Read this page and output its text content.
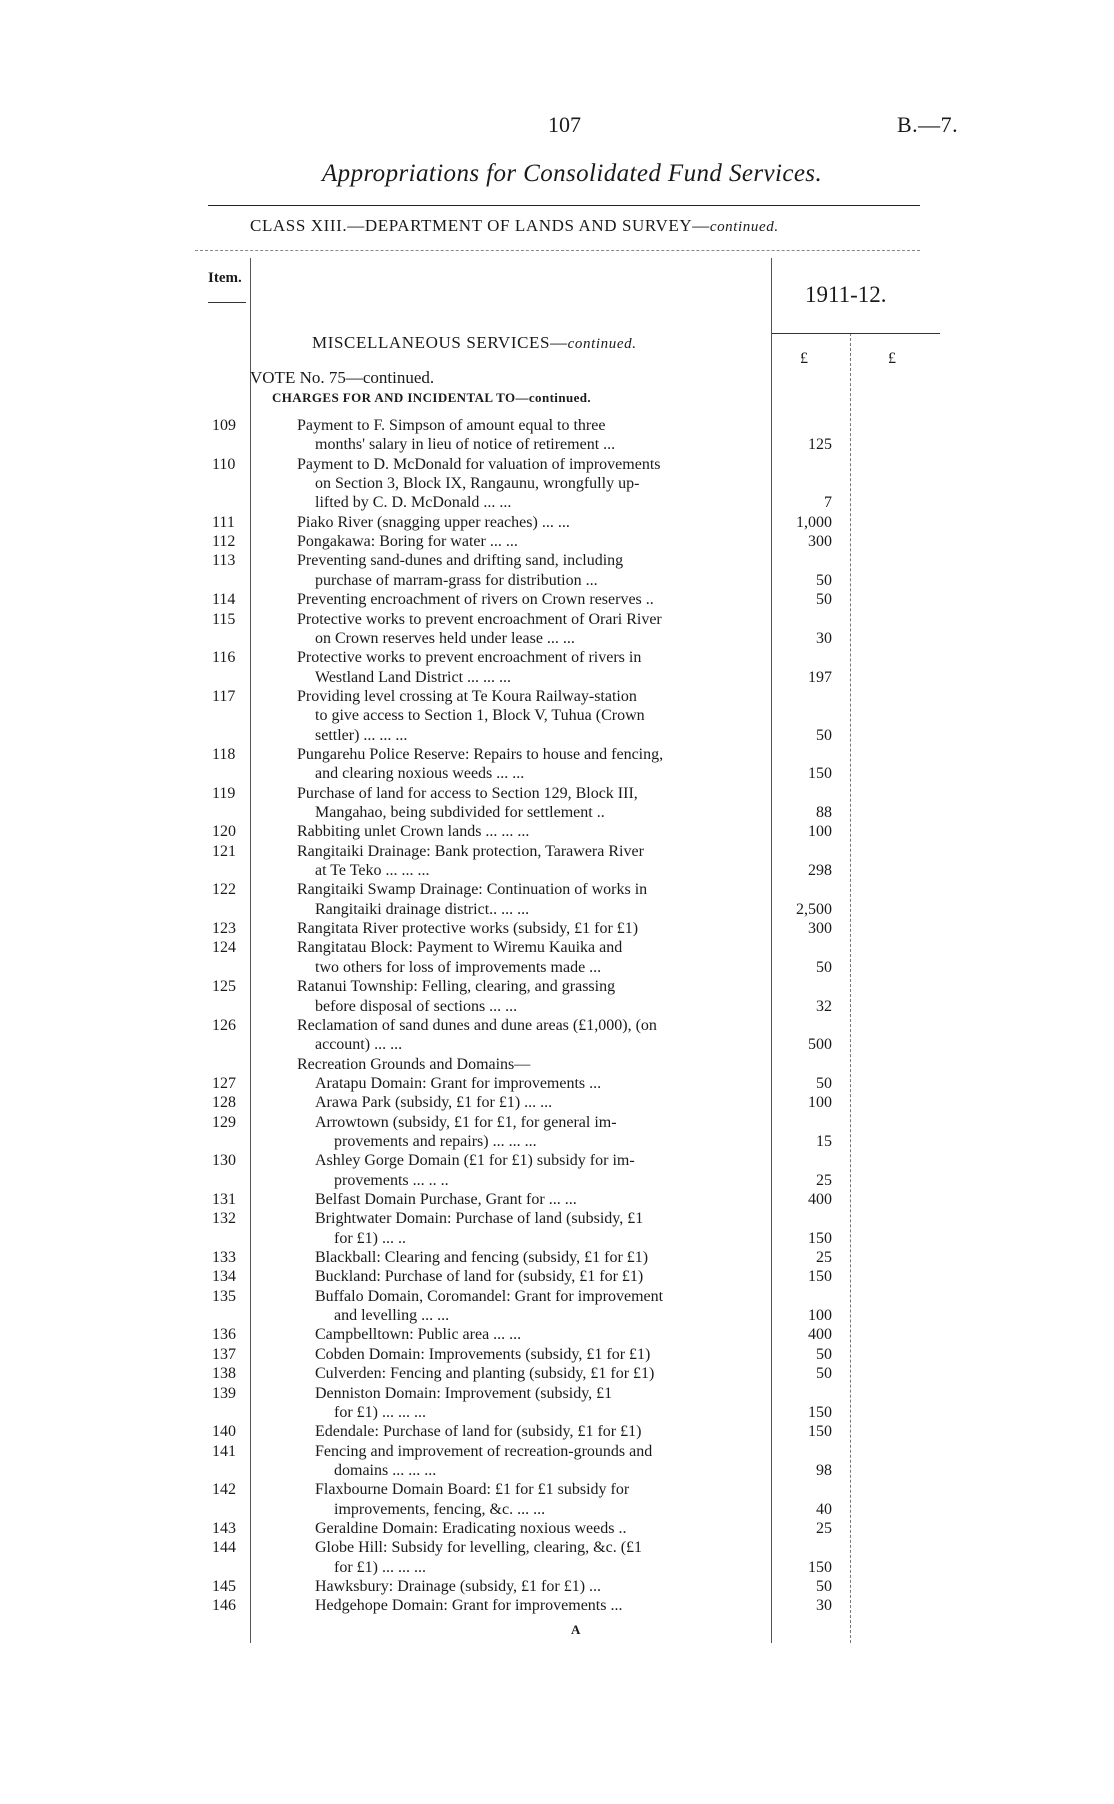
107	B.—7.
Appropriations for Consolidated Fund Services.
CLASS XIII.—DEPARTMENT OF LANDS AND SURVEY—continued.
Item.
1911-12.
MISCELLANEOUS SERVICES—continued.
£	£
VOTE No. 75—continued.
CHARGES FOR AND INCIDENTAL TO—continued.
109	Payment to F. Simpson of amount equal to three
months' salary in lieu of notice of retirement ...	125
110	Payment to D. McDonald for valuation of improvements
on Section 3, Block IX, Rangaunu, wrongfully up-
lifted by C. D. McDonald ... ...	7
111	Piako River (snagging upper reaches) ... ...	1,000
112	Pongakawa: Boring for water ... ...	300
113	Preventing sand-dunes and drifting sand, including
purchase of marram-grass for distribution ...	50
114	Preventing encroachment of rivers on Crown reserves ..	50
115	Protective works to prevent encroachment of Orari River
on Crown reserves held under lease ... ...	30
116	Protective works to prevent encroachment of rivers in
Westland Land District ... ... ...	197
117	Providing level crossing at Te Koura Railway-station
to give access to Section 1, Block V, Tuhua (Crown
settler) ... ... ...	50
118	Pungarehu Police Reserve: Repairs to house and fencing,
and clearing noxious weeds ... ...	150
119	Purchase of land for access to Section 129, Block III,
Mangahao, being subdivided for settlement ..	88
120	Rabbiting unlet Crown lands ... ... ...	100
121	Rangitaiki Drainage: Bank protection, Tarawera River
at Te Teko ... ... ...	298
122	Rangitaiki Swamp Drainage: Continuation of works in
Rangitaiki drainage district.. ... ...	2,500
123	Rangitata River protective works (subsidy, £1 for £1)	300
124	Rangitatau Block: Payment to Wiremu Kauika and
two others for loss of improvements made ...	50
125	Ratanui Township: Felling, clearing, and grassing
before disposal of sections ... ...	32
126	Reclamation of sand dunes and dune areas (£1,000), (on
account) ... ...	500
Recreation Grounds and Domains—
127	Aratapu Domain: Grant for improvements ...	50
128	Arawa Park (subsidy, £1 for £1) ... ...	100
129	Arrowtown (subsidy, £1 for £1, for general im-
provements and repairs) ... ... ...	15
130	Ashley Gorge Domain (£1 for £1) subsidy for im-
provements ... .. ..	25
131	Belfast Domain Purchase, Grant for ... ...	400
132	Brightwater Domain: Purchase of land (subsidy, £1
for £1) ... ..	150
133	Blackball: Clearing and fencing (subsidy, £1 for £1)	25
134	Buckland: Purchase of land for (subsidy, £1 for £1)	150
135	Buffalo Domain, Coromandel: Grant for improvement
and levelling ... ...	100
136	Campbelltown: Public area ... ...	400
137	Cobden Domain: Improvements (subsidy, £1 for £1)	50
138	Culverden: Fencing and planting (subsidy, £1 for £1)	50
139	Denniston Domain: Improvement (subsidy, £1
for £1) ... ... ...	150
140	Edendale: Purchase of land for (subsidy, £1 for £1)	150
141	Fencing and improvement of recreation-grounds and
domains ... ... ...	98
142	Flaxbourne Domain Board: £1 for £1 subsidy for
improvements, fencing, &c. ... ...	40
143	Geraldine Domain: Eradicating noxious weeds ..	25
144	Globe Hill: Subsidy for levelling, clearing, &c. (£1
for £1) ... ... ...	150
145	Hawksbury: Drainage (subsidy, £1 for £1) ...	50
146	Hedgehope Domain: Grant for improvements ...	30
A
